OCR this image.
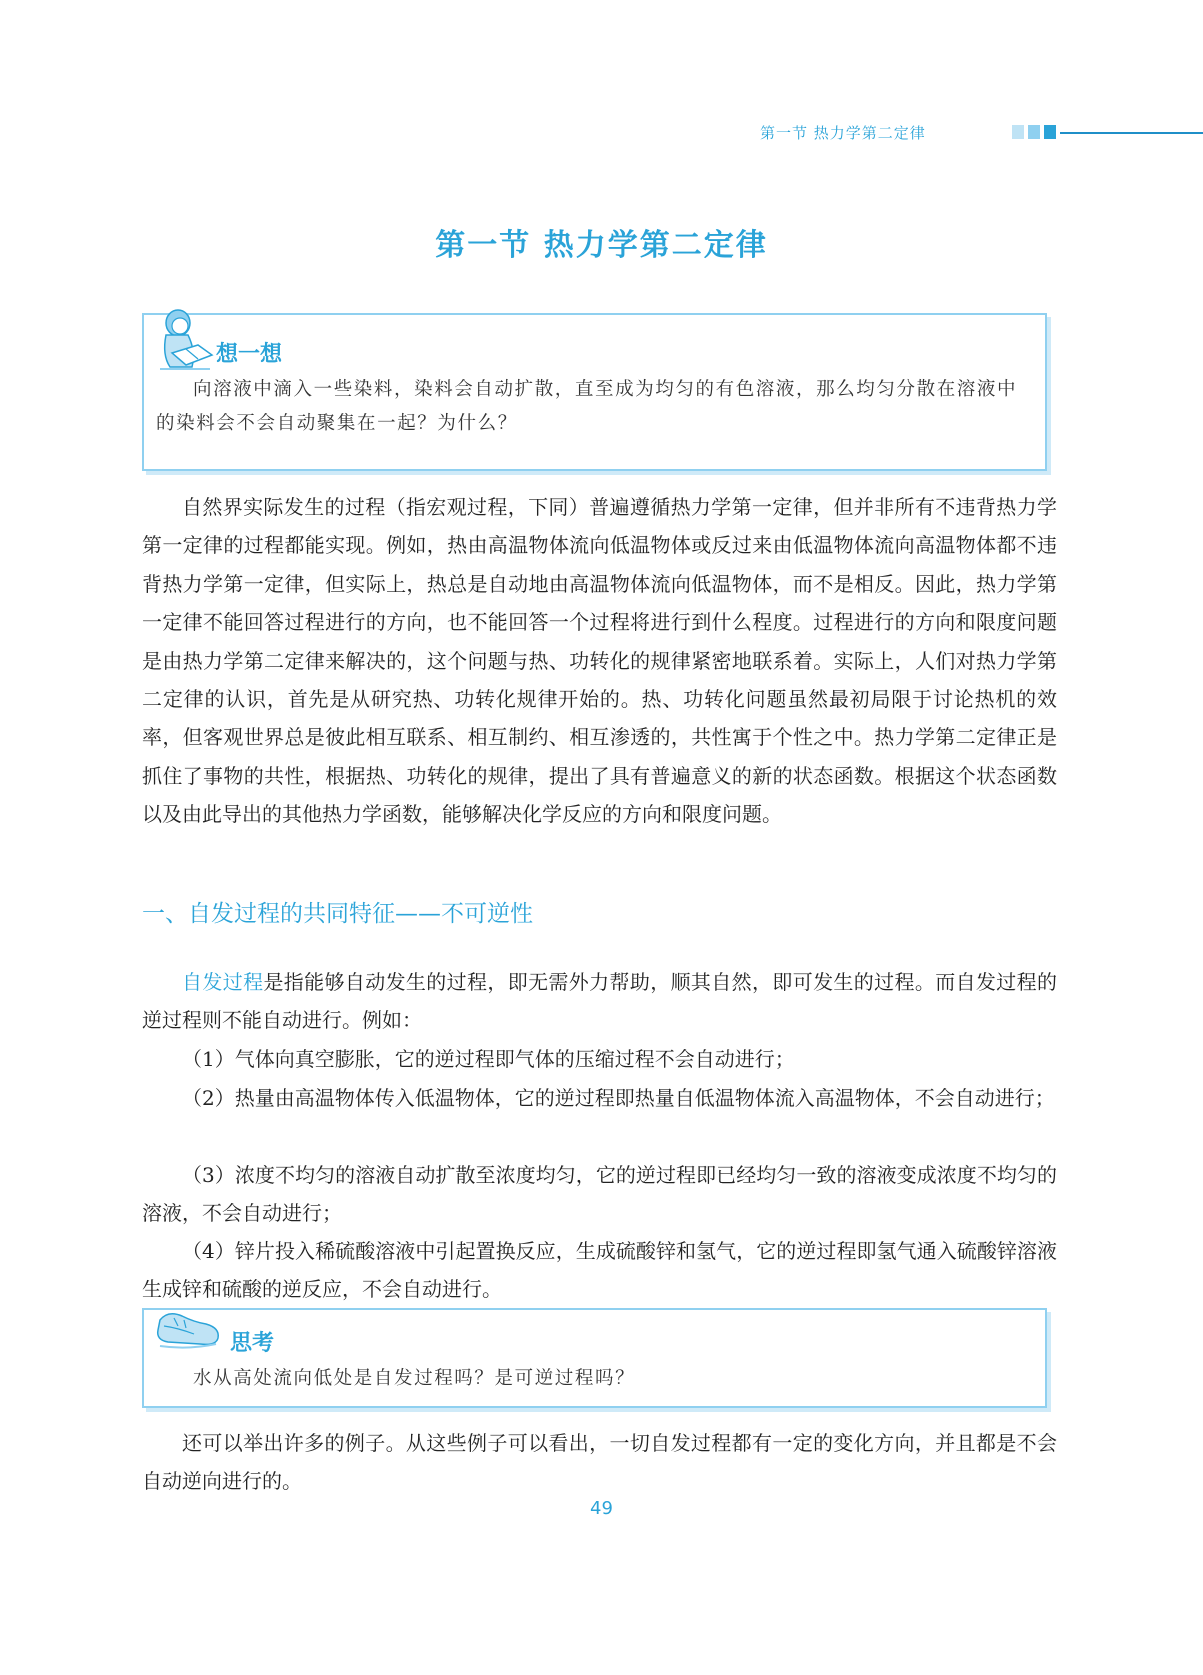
第一节 热力学第二定律
第一节 热力学第二定律
想一想
向溶液中滴入一些染料，染料会自动扩散，直至成为均匀的有色溶液，那么均匀分散在溶液中的染料会不会自动聚集在一起？为什么？

自然界实际发生的过程（指宏观过程，下同）普遍遵循热力学第一定律，但并非所有不违背热力学第一定律的过程都能实现。例如，热由高温物体流向低温物体或反过来由低温物体流向高温物体都不违背热力学第一定律，但实际上，热总是自动地由高温物体流向低温物体，而不是相反。因此，热力学第一定律不能回答过程进行的方向，也不能回答一个过程将进行到什么程度。过程进行的方向和限度问题是由热力学第二定律来解决的，这个问题与热、功转化的规律紧密地联系着。实际上，人们对热力学第二定律的认识，首先是从研究热、功转化规律开始的。热、功转化问题虽然最初局限于讨论热机的效率，但客观世界总是彼此相互联系、相互制约、相互渗透的，共性寓于个性之中。热力学第二定律正是抓住了事物的共性，根据热、功转化的规律，提出了具有普遍意义的新的状态函数。根据这个状态函数以及由此导出的其他热力学函数，能够解决化学反应的方向和限度问题。

一、自发过程的共同特征——不可逆性

自发过程是指能够自动发生的过程，即无需外力帮助，顺其自然，即可发生的过程。而自发过程的逆过程则不能自动进行。例如：

（1）气体向真空膨胀，它的逆过程即气体的压缩过程不会自动进行；

（2）热量由高温物体传入低温物体，它的逆过程即热量自低温物体流入高温物体，不会自动进行；

（3）浓度不均匀的溶液自动扩散至浓度均匀，它的逆过程即已经均匀一致的溶液变成浓度不均匀的溶液，不会自动进行；

（4）锌片投入稀硫酸溶液中引起置换反应，生成硫酸锌和氢气，它的逆过程即氢气通入硫酸锌溶液生成锌和硫酸的逆反应，不会自动进行。

思考
水从高处流向低处是自发过程吗？是可逆过程吗？

还可以举出许多的例子。从这些例子可以看出，一切自发过程都有一定的变化方向，并且都是不会自动逆向进行的。

49
